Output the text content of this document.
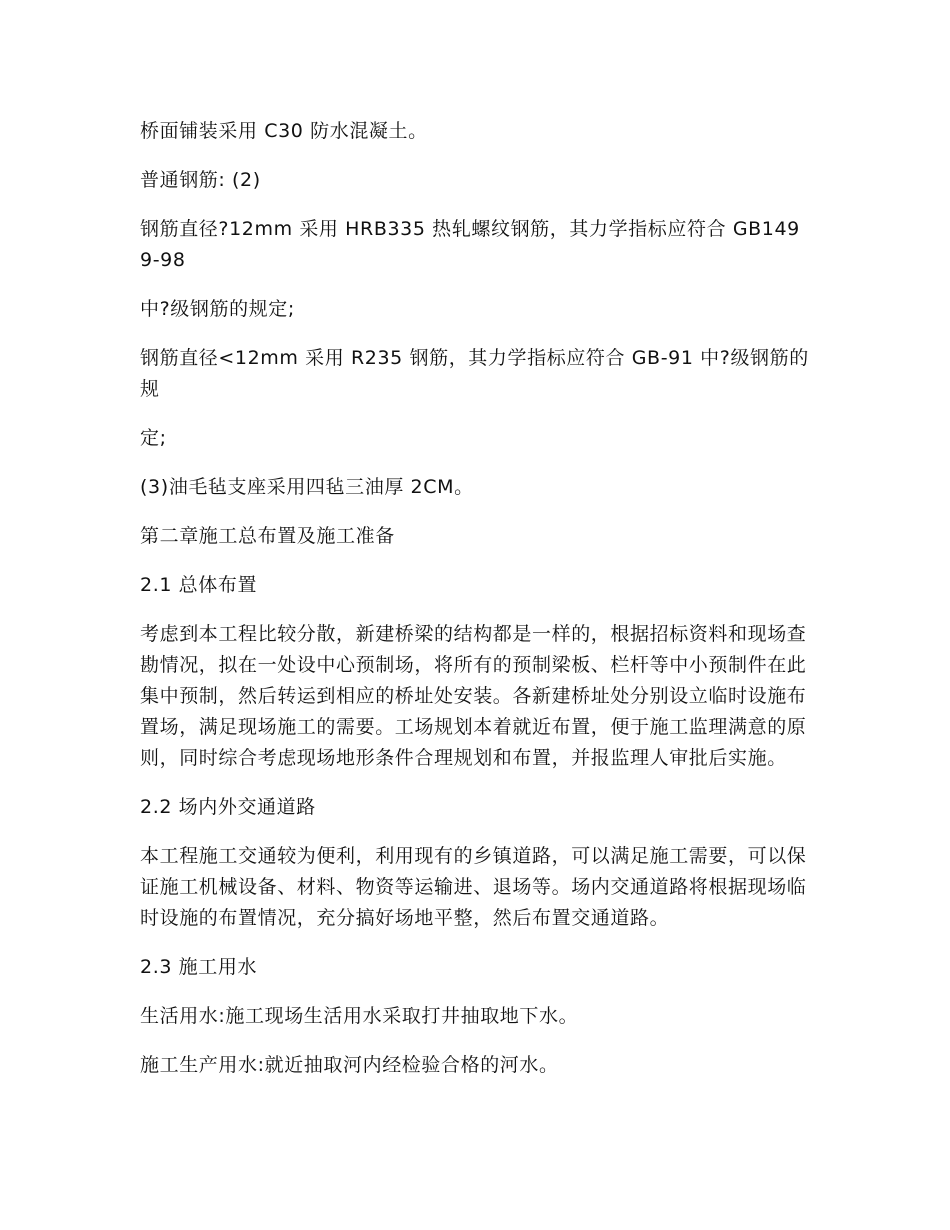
桥面铺装采用 C30 防水混凝土。

普通钢筋: (2)

钢筋直径?12mm 采用 HRB335 热轧螺纹钢筋，其力学指标应符合 GB1499-98

中?级钢筋的规定;

钢筋直径<12mm 采用 R235 钢筋，其力学指标应符合 GB-91 中?级钢筋的规

定;

(3)油毛毡支座采用四毡三油厚 2CM。

第二章施工总布置及施工准备

2.1 总体布置

考虑到本工程比较分散，新建桥梁的结构都是一样的，根据招标资料和现场查勘情况，拟在一处设中心预制场，将所有的预制梁板、栏杆等中小预制件在此集中预制，然后转运到相应的桥址处安装。各新建桥址处分别设立临时设施布置场，满足现场施工的需要。工场规划本着就近布置，便于施工监理满意的原则，同时综合考虑现场地形条件合理规划和布置，并报监理人审批后实施。

2.2 场内外交通道路

本工程施工交通较为便利，利用现有的乡镇道路，可以满足施工需要，可以保证施工机械设备、材料、物资等运输进、退场等。场内交通道路将根据现场临时设施的布置情况，充分搞好场地平整，然后布置交通道路。

2.3 施工用水

生活用水:施工现场生活用水采取打井抽取地下水。

施工生产用水:就近抽取河内经检验合格的河水。
